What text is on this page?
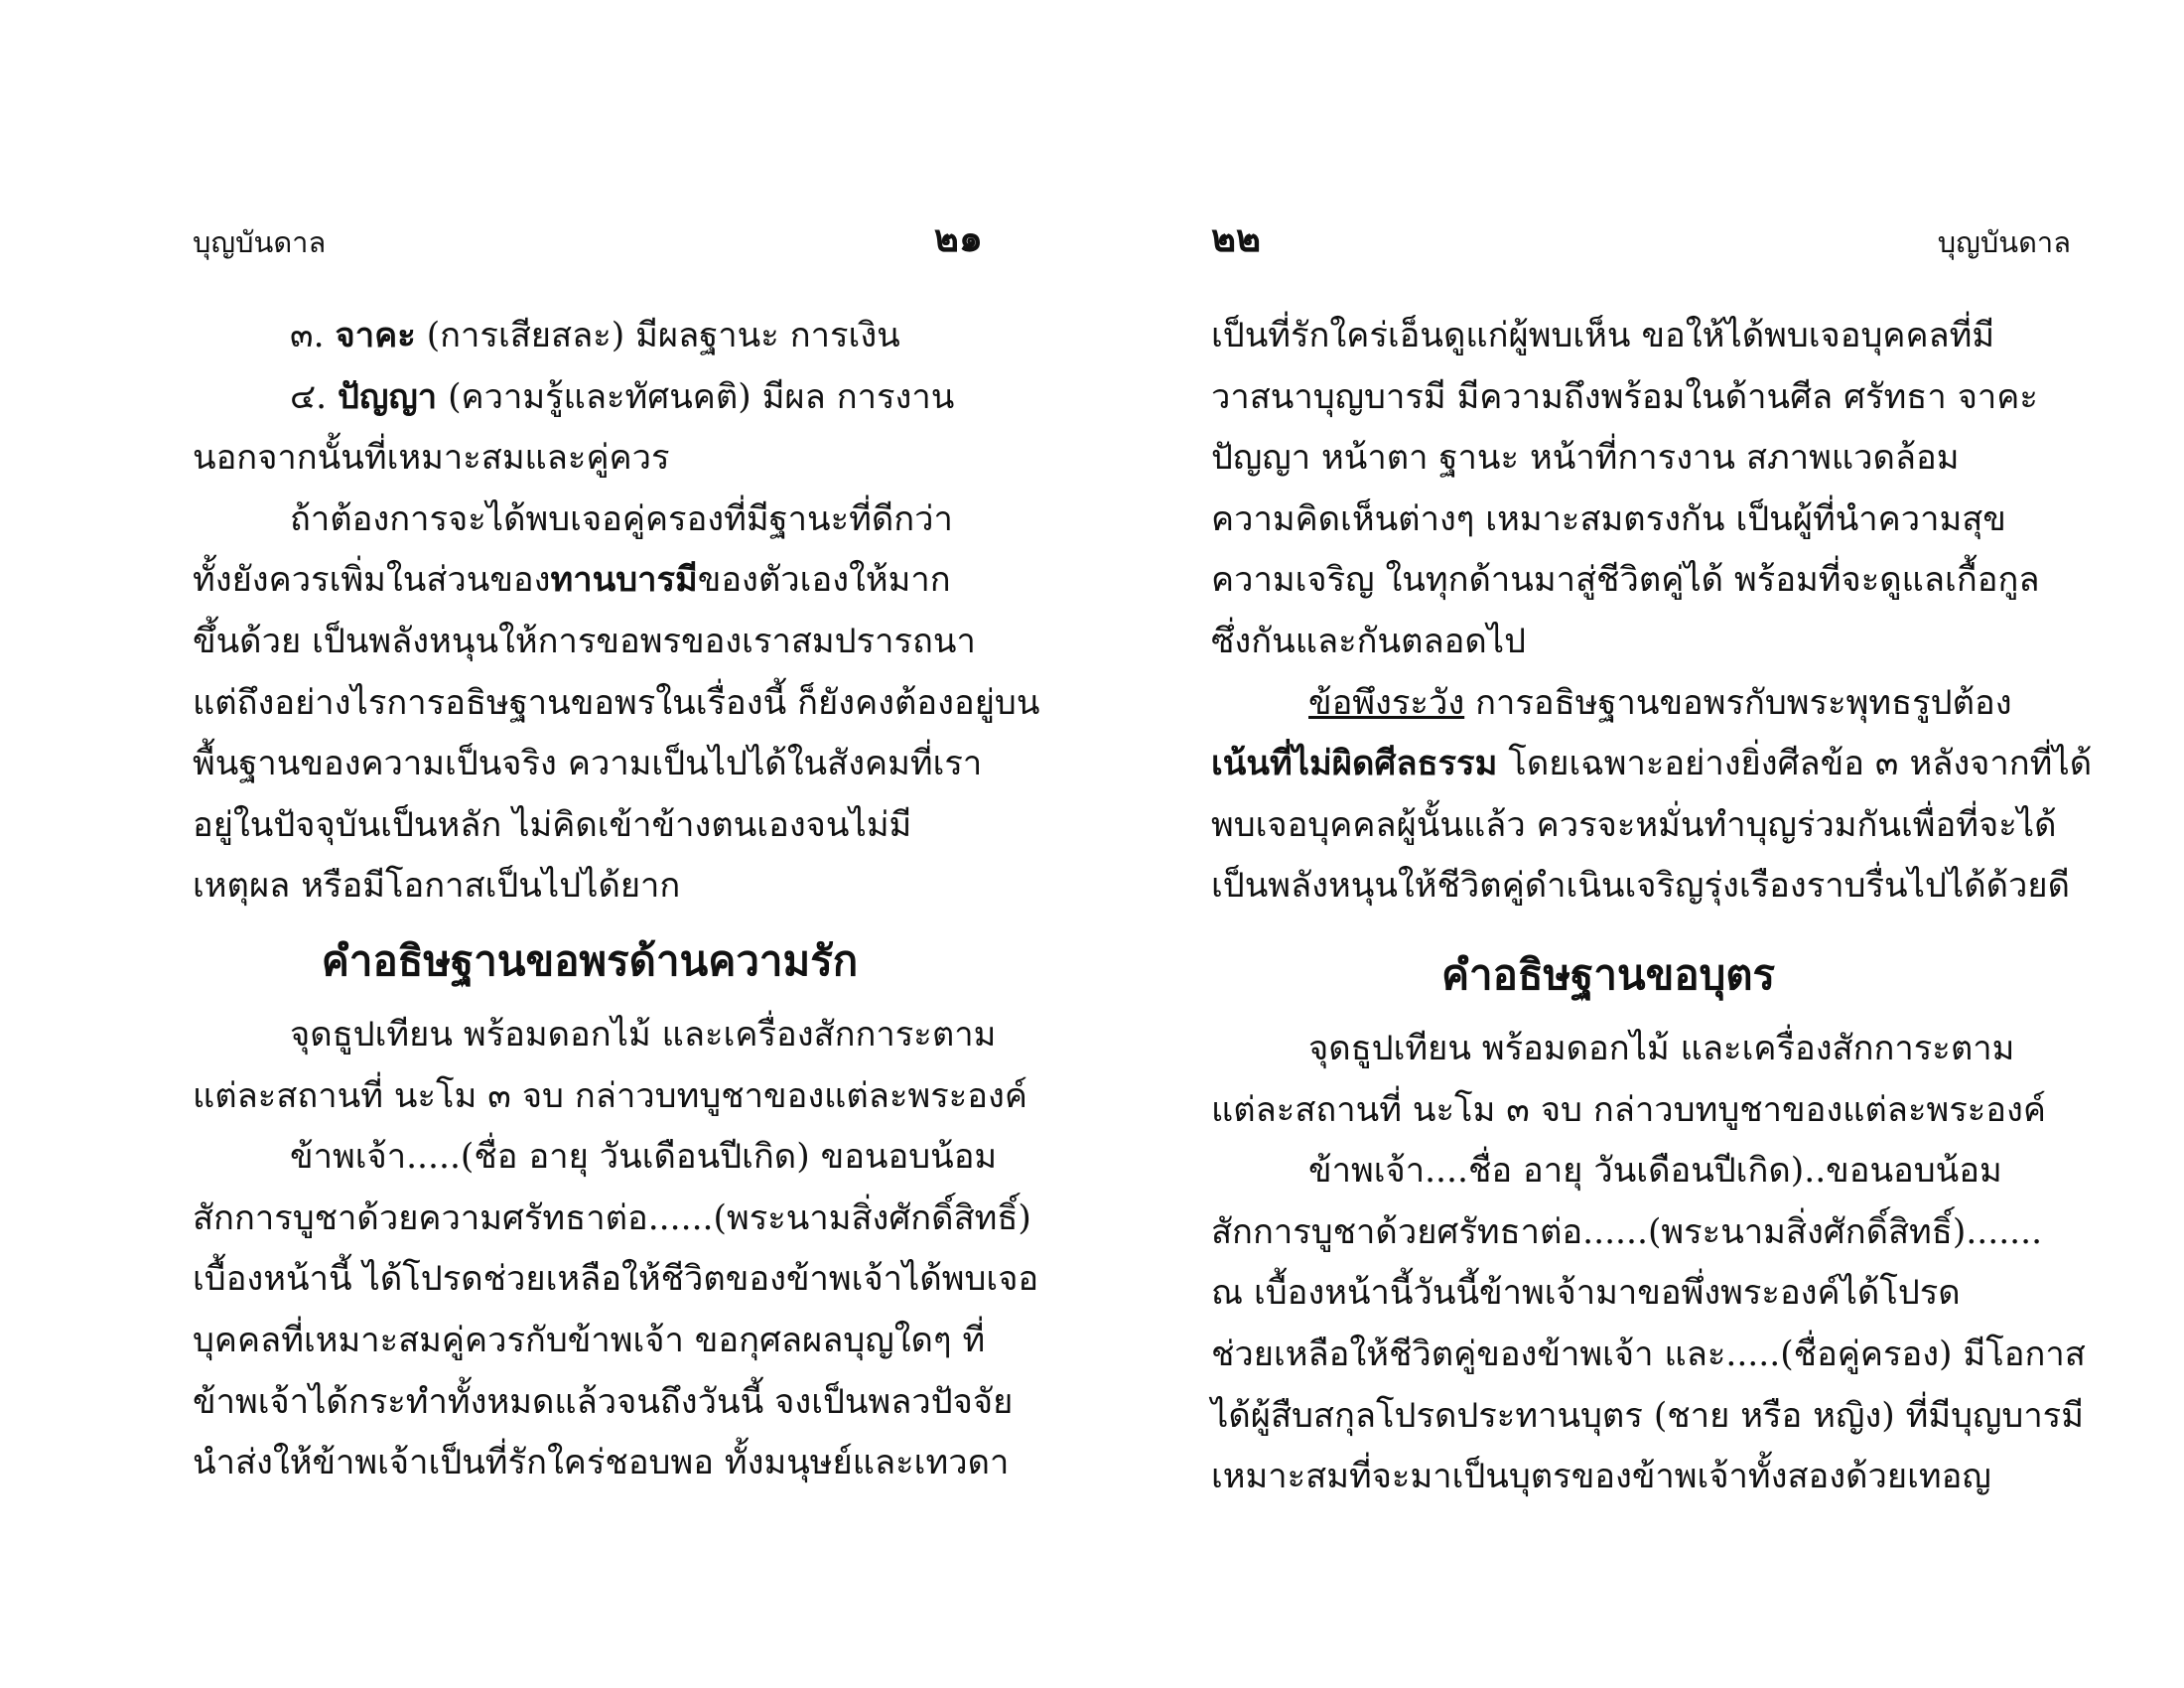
บุญบันดาล	๒๑
๓. จาคะ (การเสียสละ) มีผลฐานะ การเงิน
๔. ปัญญา (ความรู้และทัศนคติ) มีผล การงาน
นอกจากนั้นที่เหมาะสมและคู่ควร
ถ้าต้องการจะได้พบเจอคู่ครองที่มีฐานะที่ดีกว่า
ทั้งยังควรเพิ่มในส่วนของทานบารมีของตัวเองให้มาก
ขึ้นด้วย เป็นพลังหนุนให้การขอพรของเราสมปรารถนา
แต่ถึงอย่างไรการอธิษฐานขอพรในเรื่องนี้ ก็ยังคงต้องอยู่บน
พื้นฐานของความเป็นจริง ความเป็นไปได้ในสังคมที่เรา
อยู่ในปัจจุบันเป็นหลัก ไม่คิดเข้าข้างตนเองจนไม่มี
เหตุผล หรือมีโอกาสเป็นไปได้ยาก
คำอธิษฐานขอพรด้านความรัก
จุดธูปเทียน พร้อมดอกไม้ และเครื่องสักการะตาม
แต่ละสถานที่ นะโม ๓ จบ กล่าวบทบูชาของแต่ละพระองค์
ข้าพเจ้า.....(ชื่อ อายุ วันเดือนปีเกิด) ขอนอบน้อม
สักการบูชาด้วยความศรัทธาต่อ......(พระนามสิ่งศักดิ์สิทธิ์)
เบื้องหน้านี้ ได้โปรดช่วยเหลือให้ชีวิตของข้าพเจ้าได้พบเจอ
บุคคลที่เหมาะสมคู่ควรกับข้าพเจ้า ขอกุศลผลบุญใดๆ ที่
ข้าพเจ้าได้กระทำทั้งหมดแล้วจนถึงวันนี้ จงเป็นพลวปัจจัย
นำส่งให้ข้าพเจ้าเป็นที่รักใคร่ชอบพอ ทั้งมนุษย์และเทวดา
๒๒	บุญบันดาล
เป็นที่รักใคร่เอ็นดูแก่ผู้พบเห็น ขอให้ได้พบเจอบุคคลที่มี
วาสนาบุญบารมี มีความถึงพร้อมในด้านศีล ศรัทธา จาคะ
ปัญญา หน้าตา ฐานะ หน้าที่การงาน สภาพแวดล้อม
ความคิดเห็นต่างๆ เหมาะสมตรงกัน เป็นผู้ที่นำความสุข
ความเจริญ ในทุกด้านมาสู่ชีวิตคู่ได้ พร้อมที่จะดูแลเกื้อกูล
ซึ่งกันและกันตลอดไป
ข้อพึงระวัง การอธิษฐานขอพรกับพระพุทธรูปต้อง
เน้นที่ไม่ผิดศีลธรรม โดยเฉพาะอย่างยิ่งศีลข้อ ๓ หลังจากที่ได้
พบเจอบุคคลผู้นั้นแล้ว ควรจะหมั่นทำบุญร่วมกันเพื่อที่จะได้
เป็นพลังหนุนให้ชีวิตคู่ดำเนินเจริญรุ่งเรืองราบรื่นไปได้ด้วยดี
คำอธิษฐานขอบุตร
จุดธูปเทียน พร้อมดอกไม้ และเครื่องสักการะตาม
แต่ละสถานที่ นะโม ๓ จบ กล่าวบทบูชาของแต่ละพระองค์
ข้าพเจ้า....ชื่อ อายุ วันเดือนปีเกิด)..ขอนอบน้อม
สักการบูชาด้วยศรัทธาต่อ......(พระนามสิ่งศักดิ์สิทธิ์).......
ณ เบื้องหน้านี้วันนี้ข้าพเจ้ามาขอพึ่งพระองค์ได้โปรด
ช่วยเหลือให้ชีวิตคู่ของข้าพเจ้า และ.....(ชื่อคู่ครอง) มีโอกาส
ได้ผู้สืบสกุลโปรดประทานบุตร (ชาย หรือ หญิง) ที่มีบุญบารมี
เหมาะสมที่จะมาเป็นบุตรของข้าพเจ้าทั้งสองด้วยเทอญ
